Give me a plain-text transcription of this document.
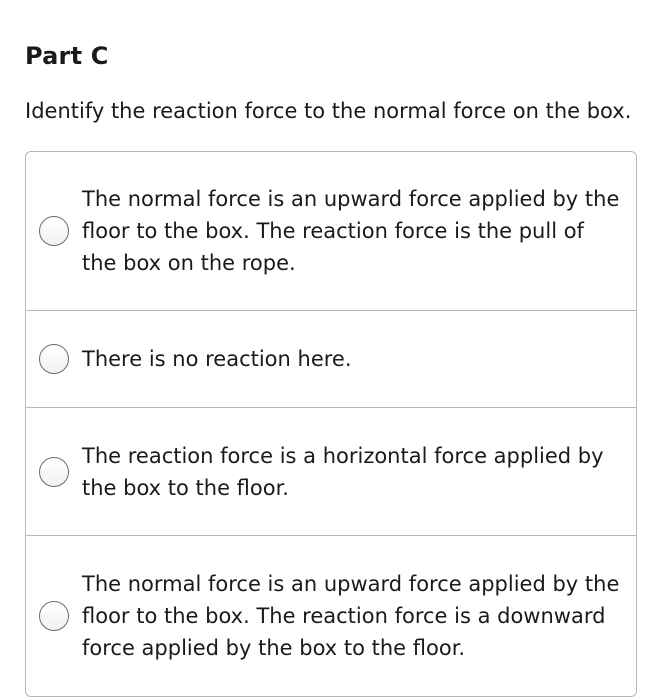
Part C

Identify the reaction force to the normal force on the box.

The normal force is an upward force applied by the floor to the box. The reaction force is the pull of the box on the rope.
There is no reaction here.
The reaction force is a horizontal force applied by the box to the floor.
The normal force is an upward force applied by the floor to the box. The reaction force is a downward force applied by the box to the floor.
